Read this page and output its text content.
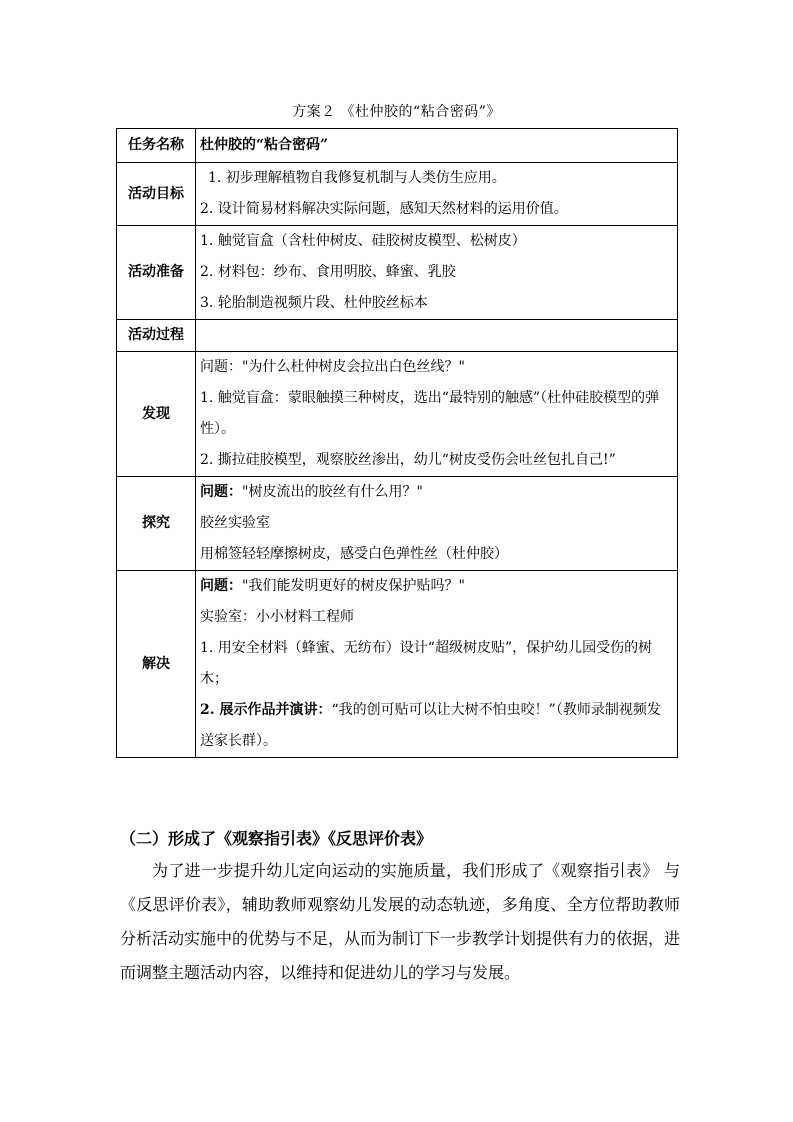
方案２ 《杜仲胶的“粘合密码”》
任务名称	杜仲胶的“粘合密码”
活动目标	1. 初步理解植物自我修复机制与人类仿生应用。
2. 设计简易材料解决实际问题，感知天然材料的运用价值。

活动准备	1. 触觉盲盒（含杜仲树皮、硅胶树皮模型、松树皮）
2. 材料包：纱布、食用明胶、蜂蜜、乳胶
3. 轮胎制造视频片段、杜仲胶丝标本

活动过程	
发现	问题："为什么杜仲树皮会拉出白色丝线？"
1. 触觉盲盒：蒙眼触摸三种树皮，选出“最特别的触感”（杜仲硅胶模型的弹性）。
2. 撕拉硅胶模型，观察胶丝渗出，幼儿“树皮受伤会吐丝包扎自己!”

探究	问题："树皮流出的胶丝有什么用？"
胶丝实验室
用棉签轻轻摩擦树皮，感受白色弹性丝（杜仲胶）

解决	问题："我们能发明更好的树皮保护贴吗？"
实验室：小小材料工程师
1. 用安全材料（蜂蜜、无纺布）设计“超级树皮贴”，保护幼儿园受伤的树木；
2. 展示作品并演讲：“我的创可贴可以让大树不怕虫咬！”（教师录制视频发送家长群）。
（二）形成了《观察指引表》《反思评价表》
为了进一步提升幼儿定向运动的实施质量，我们形成了《观察指引表》 与《反思评价表》，辅助教师观察幼儿发展的动态轨迹，多角度、全方位帮助教师分析活动实施中的优势与不足，从而为制订下一步教学计划提供有力的依据，进而调整主题活动内容，以维持和促进幼儿的学习与发展。
